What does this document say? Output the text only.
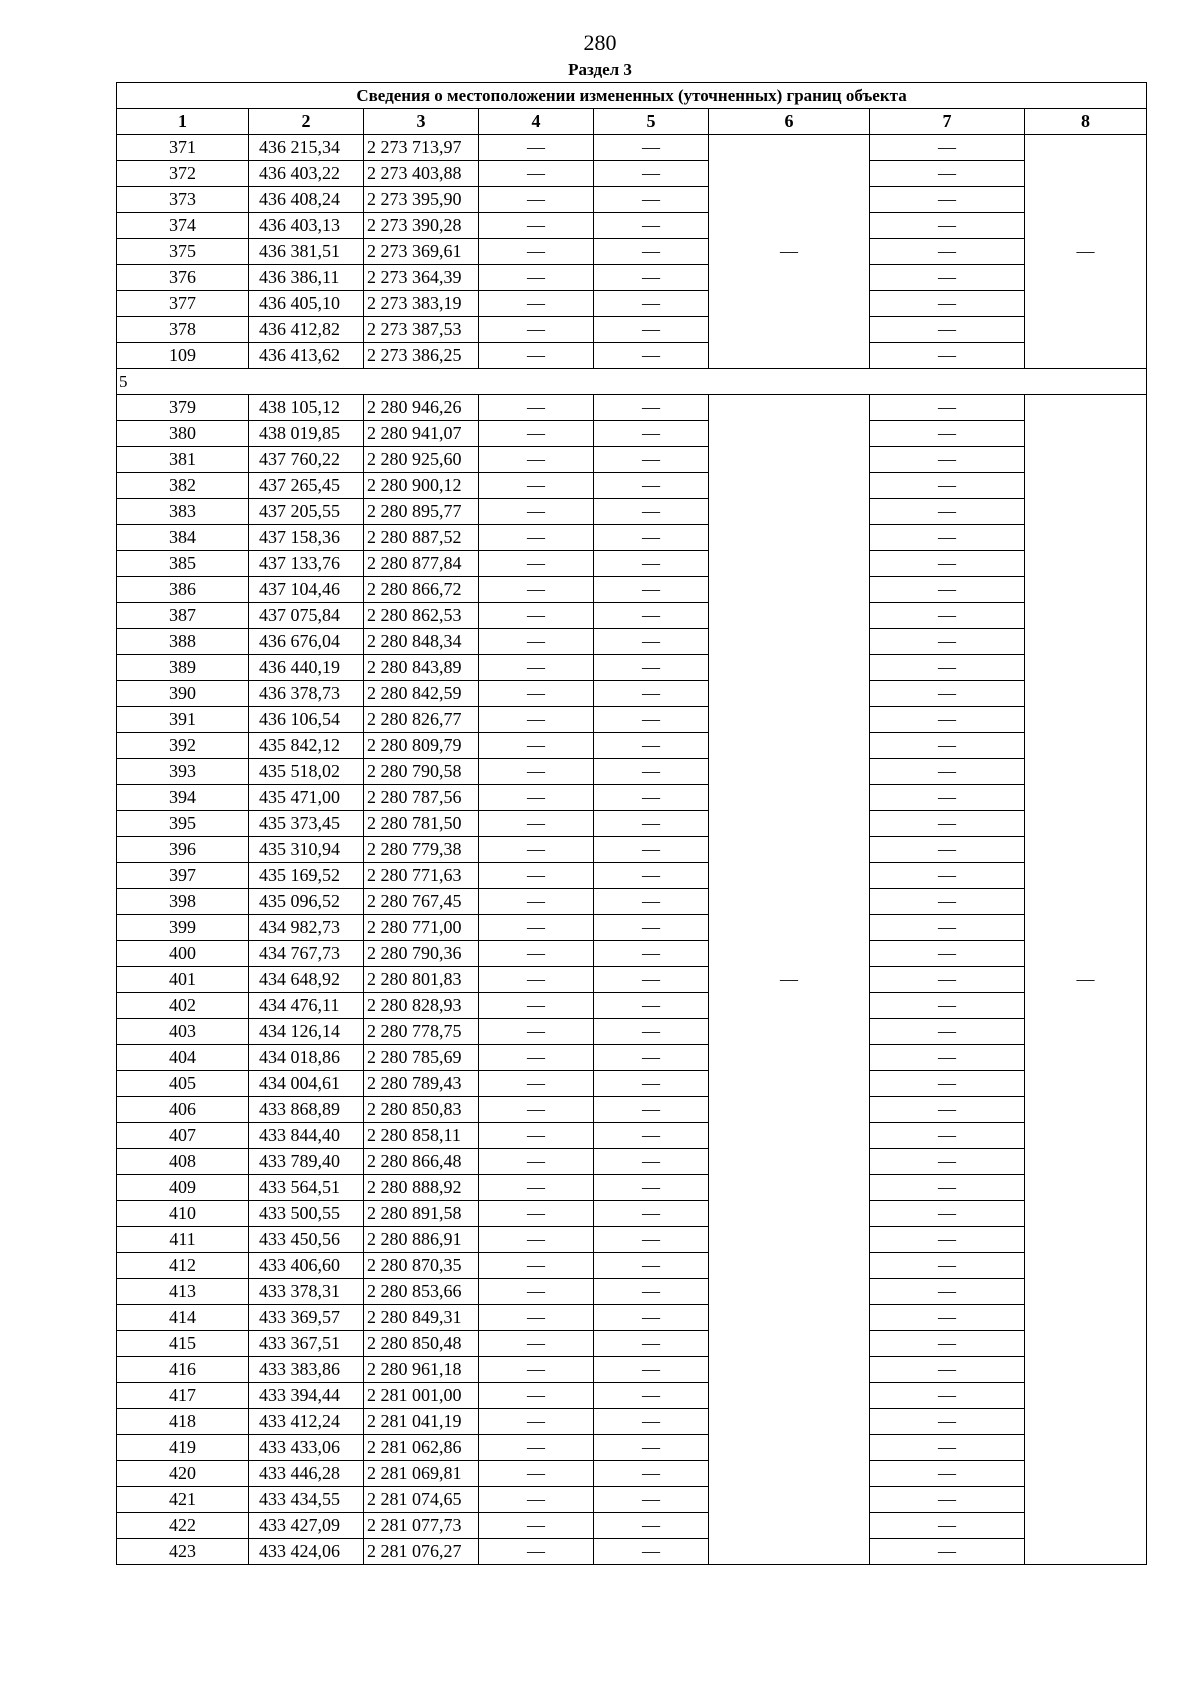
280
Раздел 3
Сведения о местоположении измененных (уточненных) границ объекта							
1	2	3	4	5	6	7	8
371	436 215,34	2 273 713,97	—	—	—	—	—
372	436 403,22	2 273 403,88	—	—		—	
373	436 408,24	2 273 395,90	—	—		—	
374	436 403,13	2 273 390,28	—	—		—	
375	436 381,51	2 273 369,61	—	—		—	
376	436 386,11	2 273 364,39	—	—		—	
377	436 405,10	2 273 383,19	—	—		—	
378	436 412,82	2 273 387,53	—	—		—	
109	436 413,62	2 273 386,25	—	—		—	
5							
379	438 105,12	2 280 946,26	—	—	—	—	—
380	438 019,85	2 280 941,07	—	—		—	
381	437 760,22	2 280 925,60	—	—		—	
382	437 265,45	2 280 900,12	—	—		—	
383	437 205,55	2 280 895,77	—	—		—	
384	437 158,36	2 280 887,52	—	—		—	
385	437 133,76	2 280 877,84	—	—		—	
386	437 104,46	2 280 866,72	—	—		—	
387	437 075,84	2 280 862,53	—	—		—	
388	436 676,04	2 280 848,34	—	—		—	
389	436 440,19	2 280 843,89	—	—		—	
390	436 378,73	2 280 842,59	—	—		—	
391	436 106,54	2 280 826,77	—	—		—	
392	435 842,12	2 280 809,79	—	—		—	
393	435 518,02	2 280 790,58	—	—		—	
394	435 471,00	2 280 787,56	—	—		—	
395	435 373,45	2 280 781,50	—	—		—	
396	435 310,94	2 280 779,38	—	—		—	
397	435 169,52	2 280 771,63	—	—		—	
398	435 096,52	2 280 767,45	—	—		—	
399	434 982,73	2 280 771,00	—	—		—	
400	434 767,73	2 280 790,36	—	—		—	
401	434 648,92	2 280 801,83	—	—		—	
402	434 476,11	2 280 828,93	—	—		—	
403	434 126,14	2 280 778,75	—	—		—	
404	434 018,86	2 280 785,69	—	—		—	
405	434 004,61	2 280 789,43	—	—		—	
406	433 868,89	2 280 850,83	—	—		—	
407	433 844,40	2 280 858,11	—	—		—	
408	433 789,40	2 280 866,48	—	—		—	
409	433 564,51	2 280 888,92	—	—		—	
410	433 500,55	2 280 891,58	—	—		—	
411	433 450,56	2 280 886,91	—	—		—	
412	433 406,60	2 280 870,35	—	—		—	
413	433 378,31	2 280 853,66	—	—		—	
414	433 369,57	2 280 849,31	—	—		—	
415	433 367,51	2 280 850,48	—	—		—	
416	433 383,86	2 280 961,18	—	—		—	
417	433 394,44	2 281 001,00	—	—		—	
418	433 412,24	2 281 041,19	—	—		—	
419	433 433,06	2 281 062,86	—	—		—	
420	433 446,28	2 281 069,81	—	—		—	
421	433 434,55	2 281 074,65	—	—		—	
422	433 427,09	2 281 077,73	—	—		—	
423	433 424,06	2 281 076,27	—	—		—	
